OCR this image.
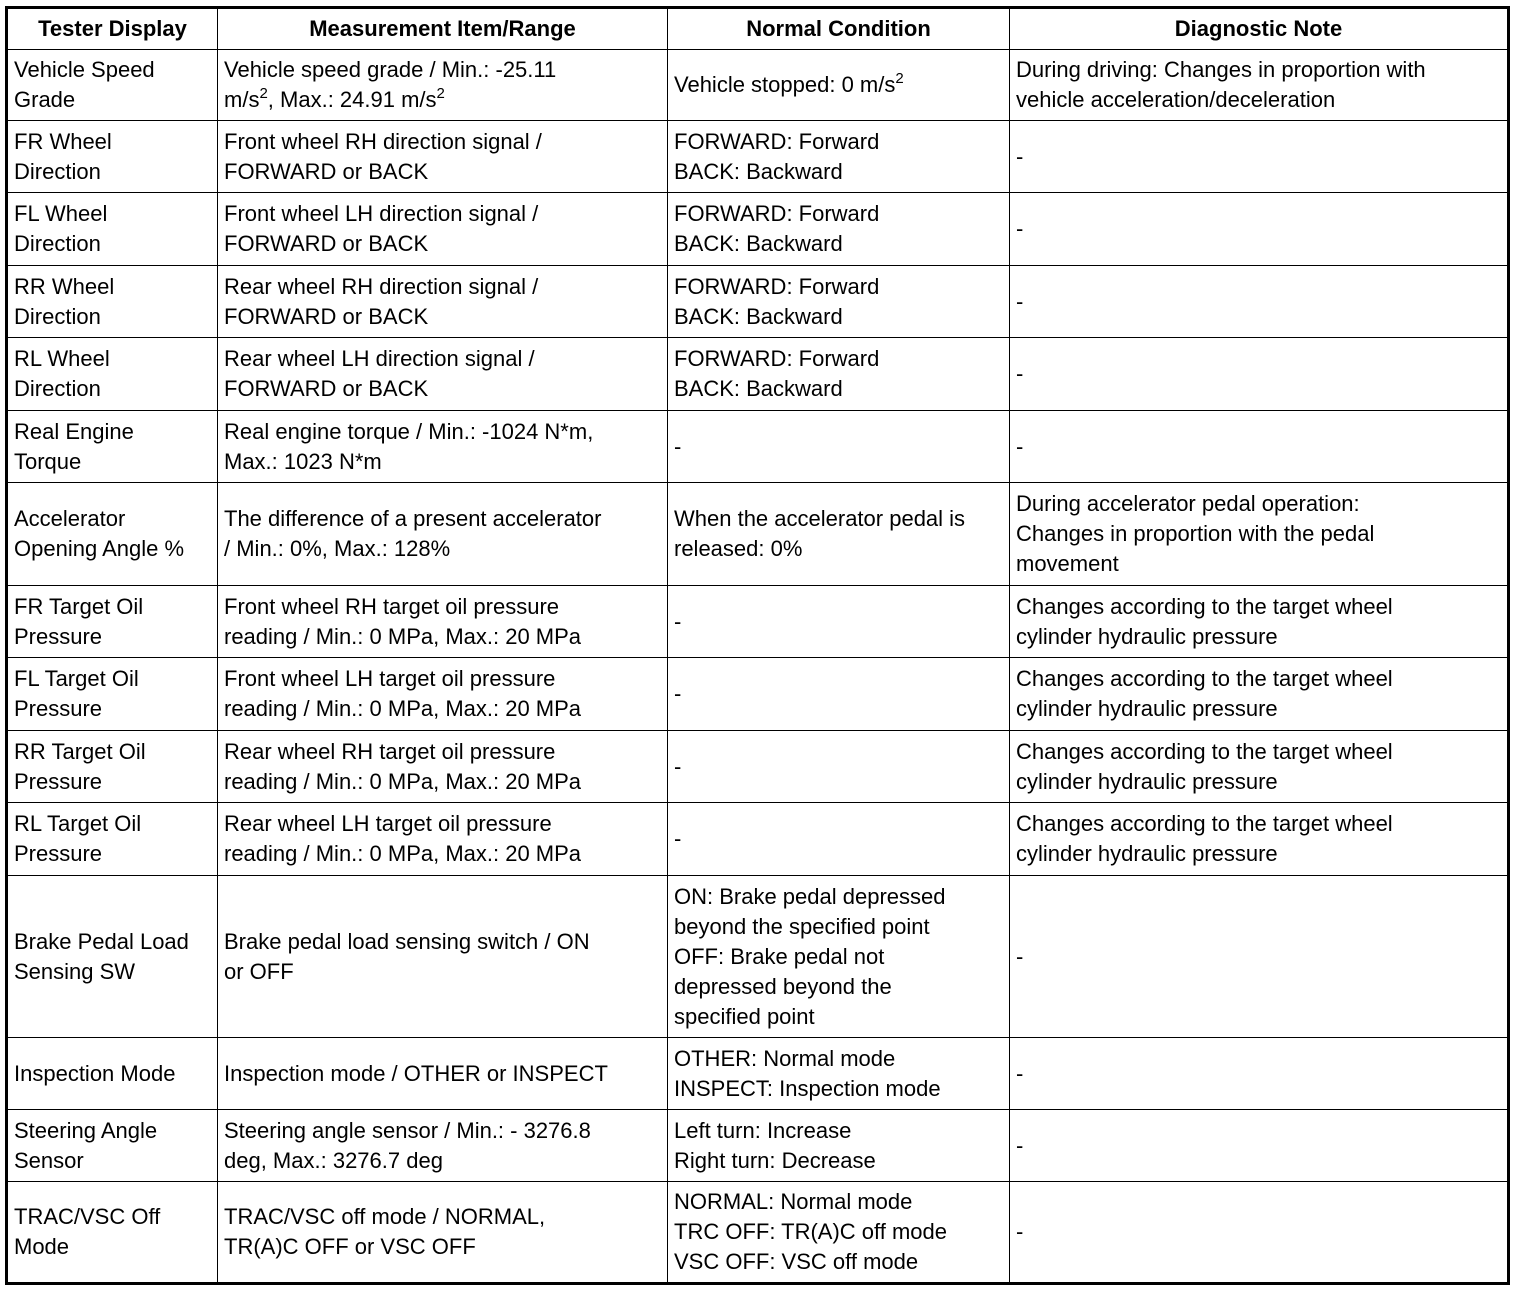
Tester Display	Measurement Item/Range	Normal Condition	Diagnostic Note

Vehicle Speed
Grade	Vehicle speed grade / Min.: -25.11
$m/s^2$, Max.: 24.91 $m/s^2$	Vehicle stopped: 0 $m/s^2$	During driving: Changes in proportion with
vehicle acceleration/deceleration

FR Wheel
Direction	Front wheel RH direction signal /
FORWARD or BACK	FORWARD: Forward
BACK: Backward	-

FL Wheel
Direction	Front wheel LH direction signal /
FORWARD or BACK	FORWARD: Forward
BACK: Backward	-

RR Wheel
Direction	Rear wheel RH direction signal /
FORWARD or BACK	FORWARD: Forward
BACK: Backward	-

RL Wheel
Direction	Rear wheel LH direction signal /
FORWARD or BACK	FORWARD: Forward
BACK: Backward	-

Real Engine
Torque	Real engine torque / Min.: -1024 N*m,
Max.: 1023 N*m	-	-

Accelerator
Opening Angle %	The difference of a present accelerator
/ Min.: 0%, Max.: 128%	When the accelerator pedal is
released: 0%	During accelerator pedal operation:
Changes in proportion with the pedal
movement

FR Target Oil
Pressure	Front wheel RH target oil pressure
reading / Min.: 0 MPa, Max.: 20 MPa	-	Changes according to the target wheel
cylinder hydraulic pressure

FL Target Oil
Pressure	Front wheel LH target oil pressure
reading / Min.: 0 MPa, Max.: 20 MPa	-	Changes according to the target wheel
cylinder hydraulic pressure

RR Target Oil
Pressure	Rear wheel RH target oil pressure
reading / Min.: 0 MPa, Max.: 20 MPa	-	Changes according to the target wheel
cylinder hydraulic pressure

RL Target Oil
Pressure	Rear wheel LH target oil pressure
reading / Min.: 0 MPa, Max.: 20 MPa	-	Changes according to the target wheel
cylinder hydraulic pressure

Brake Pedal Load
Sensing SW	Brake pedal load sensing switch / ON
or OFF	ON: Brake pedal depressed
beyond the specified point
OFF: Brake pedal not
depressed beyond the
specified point	-

Inspection Mode	Inspection mode / OTHER or INSPECT	OTHER: Normal mode
INSPECT: Inspection mode	-

Steering Angle
Sensor	Steering angle sensor / Min.: - 3276.8
deg, Max.: 3276.7 deg	Left turn: Increase
Right turn: Decrease	-

TRAC/VSC Off
Mode	TRAC/VSC off mode / NORMAL,
TR(A)C OFF or VSC OFF	NORMAL: Normal mode
TRC OFF: TR(A)C off mode
VSC OFF: VSC off mode	-
